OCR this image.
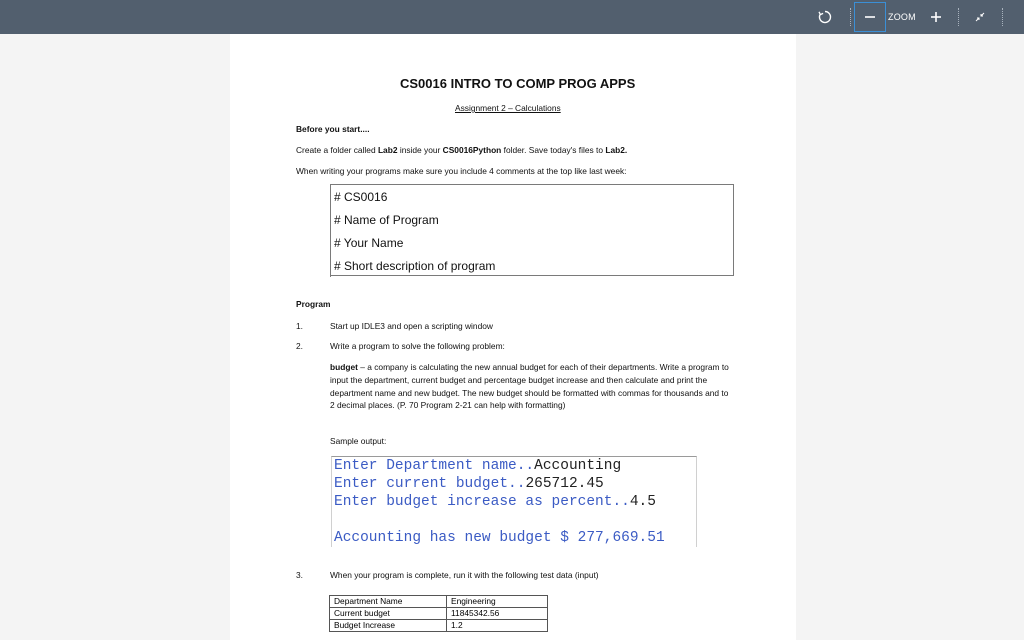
ZOOM
CS0016 INTRO TO COMP PROG APPS
Assignment 2 – Calculations
Before you start....
Create a folder called Lab2 inside your CS0016Python folder. Save today's files to Lab2.
When writing your programs make sure you include 4 comments at the top like last week:
# CS0016
# Name of Program
# Your Name
# Short description of program
Program
1.	Start up IDLE3 and open a scripting window
2.	Write a program to solve the following problem:
budget – a company is calculating the new annual budget for each of their departments. Write a program to input the department, current budget and percentage budget increase and then calculate and print the department name and new budget. The new budget should be formatted with commas for thousands and to 2 decimal places. (P. 70 Program 2-21 can help with formatting)
Sample output:
Enter Department name..Accounting
Enter current budget..265712.45
Enter budget increase as percent..4.5
Accounting has new budget $ 277,669.51
3.	When your program is complete, run it with the following test data (input)
Department Name	Engineering
Current budget	11845342.56
Budget Increase	1.2
